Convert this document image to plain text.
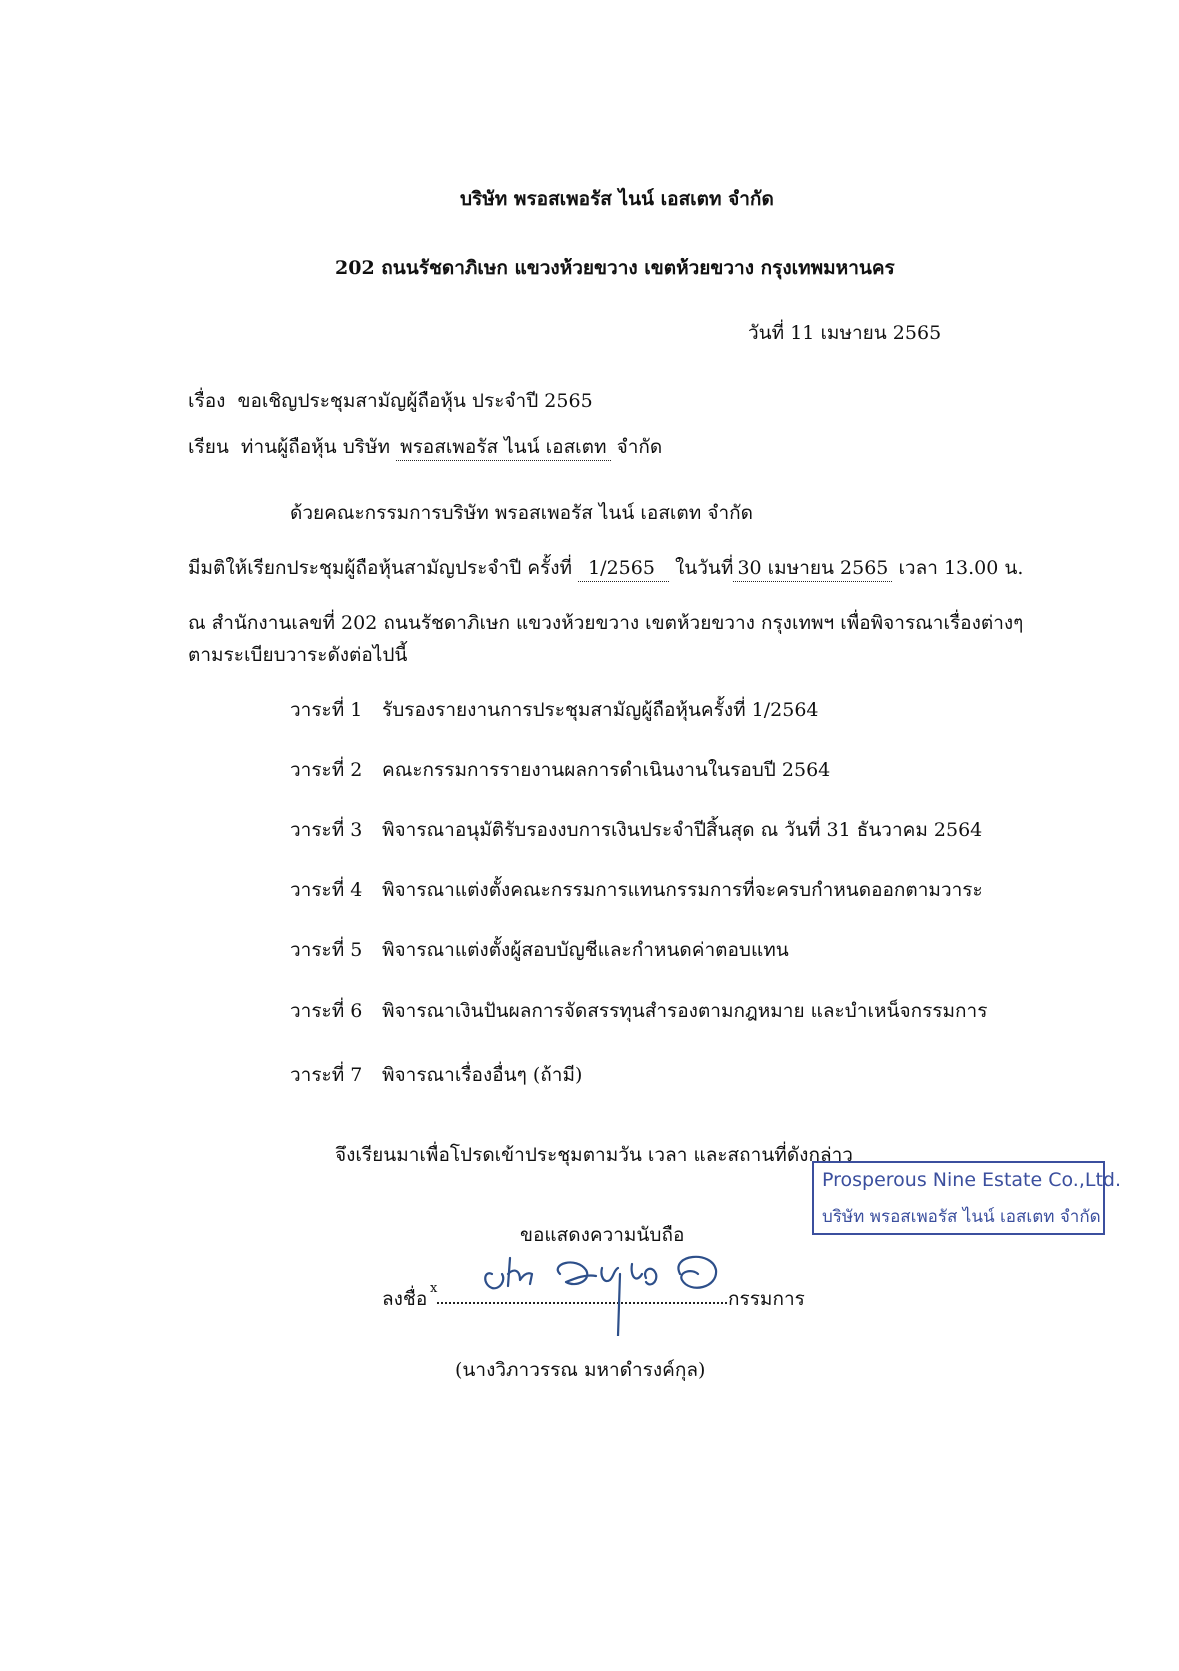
บริษัท พรอสเพอรัส ไนน์ เอสเตท จำกัด
202 ถนนรัชดาภิเษก แขวงห้วยขวาง เขตห้วยขวาง กรุงเทพมหานคร
วันที่ 11 เมษายน 2565
เรื่อง ขอเชิญประชุมสามัญผู้ถือหุ้น ประจำปี 2565
เรียน ท่านผู้ถือหุ้น บริษัท พรอสเพอรัส ไนน์ เอสเตท จำกัด
ด้วยคณะกรรมการบริษัท พรอสเพอรัส ไนน์ เอสเตท จำกัด
มีมติให้เรียกประชุมผู้ถือหุ้นสามัญประจำปี ครั้งที่ 1/2565 ในวันที่ 30 เมษายน 2565 เวลา 13.00 น.
ณ สำนักงานเลขที่ 202 ถนนรัชดาภิเษก แขวงห้วยขวาง เขตห้วยขวาง กรุงเทพฯ เพื่อพิจารณาเรื่องต่างๆ
ตามระเบียบวาระดังต่อไปนี้
วาระที่ 1	รับรองรายงานการประชุมสามัญผู้ถือหุ้นครั้งที่ 1/2564
วาระที่ 2	คณะกรรมการรายงานผลการดำเนินงานในรอบปี 2564
วาระที่ 3	พิจารณาอนุมัติรับรองงบการเงินประจำปีสิ้นสุด ณ วันที่ 31 ธันวาคม 2564
วาระที่ 4	พิจารณาแต่งตั้งคณะกรรมการแทนกรรมการที่จะครบกำหนดออกตามวาระ
วาระที่ 5	พิจารณาแต่งตั้งผู้สอบบัญชีและกำหนดค่าตอบแทน
วาระที่ 6	พิจารณาเงินปันผลการจัดสรรทุนสำรองตามกฎหมาย และบำเหน็จกรรมการ
วาระที่ 7	พิจารณาเรื่องอื่นๆ (ถ้ามี)
จึงเรียนมาเพื่อโปรดเข้าประชุมตามวัน เวลา และสถานที่ดังกล่าว
Prosperous Nine Estate Co.,Ltd.
บริษัท พรอสเพอรัส ไนน์ เอสเตท จำกัด
ขอแสดงความนับถือ
ลงชื่อ x	กรรมการ
(นางวิภาวรรณ มหาดำรงค์กุล)
